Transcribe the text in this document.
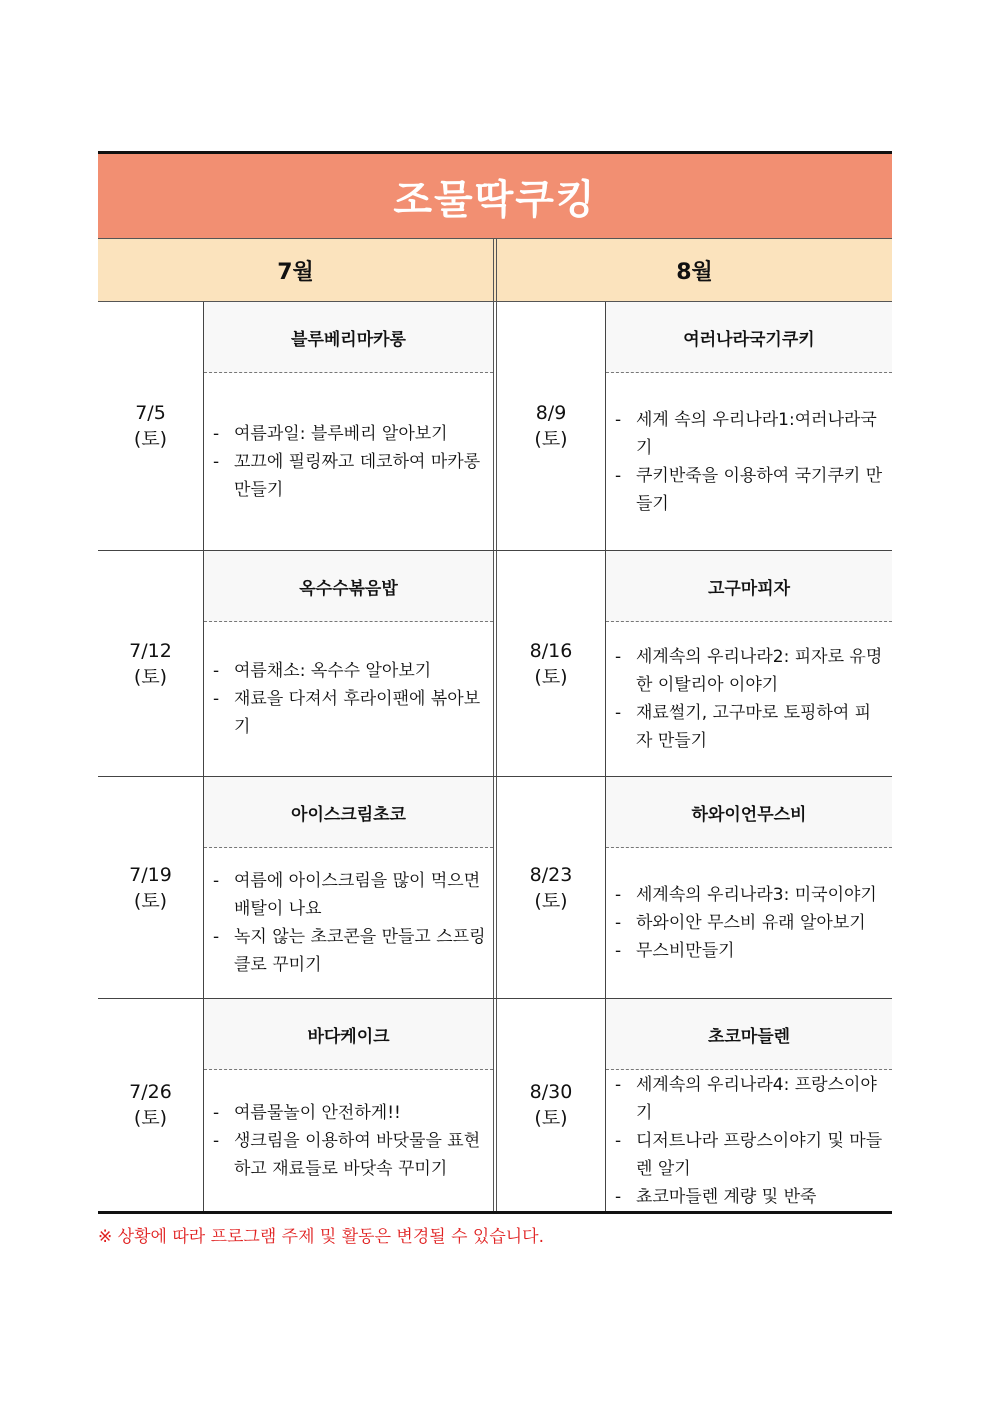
조물딱쿠킹
7월	8월
7/5
(토)
블루베리마카롱
- 여름과일: 블루베리 알아보기
- 꼬끄에 필링짜고 데코하여 마카롱 만들기
8/9
(토)
여러나라국기쿠키
- 세계 속의 우리나라1:여러나라국기
- 쿠키반죽을 이용하여 국기쿠키 만들기
7/12
(토)
옥수수볶음밥
- 여름채소: 옥수수 알아보기
- 재료을 다져서 후라이팬에 볶아보기
8/16
(토)
고구마피자
- 세계속의 우리나라2: 피자로 유명한 이탈리아 이야기
- 재료썰기, 고구마로 토핑하여 피자 만들기
7/19
(토)
아이스크림초코
- 여름에 아이스크림을 많이 먹으면 배탈이 나요
- 녹지 않는 초코콘을 만들고 스프링클로 꾸미기
8/23
(토)
하와이언무스비
- 세계속의 우리나라3: 미국이야기
- 하와이안 무스비 유래 알아보기
- 무스비만들기
7/26
(토)
바다케이크
- 여름물놀이 안전하게!!
- 생크림을 이용하여 바닷물을 표현하고 재료들로 바닷속 꾸미기
8/30
(토)
초코마들렌
- 세계속의 우리나라4: 프랑스이야기
- 디저트나라 프랑스이야기 및 마들렌 알기
- 쵸코마들렌 계량 및 반죽
※ 상황에 따라 프로그램 주제 및 활동은 변경될 수 있습니다.
